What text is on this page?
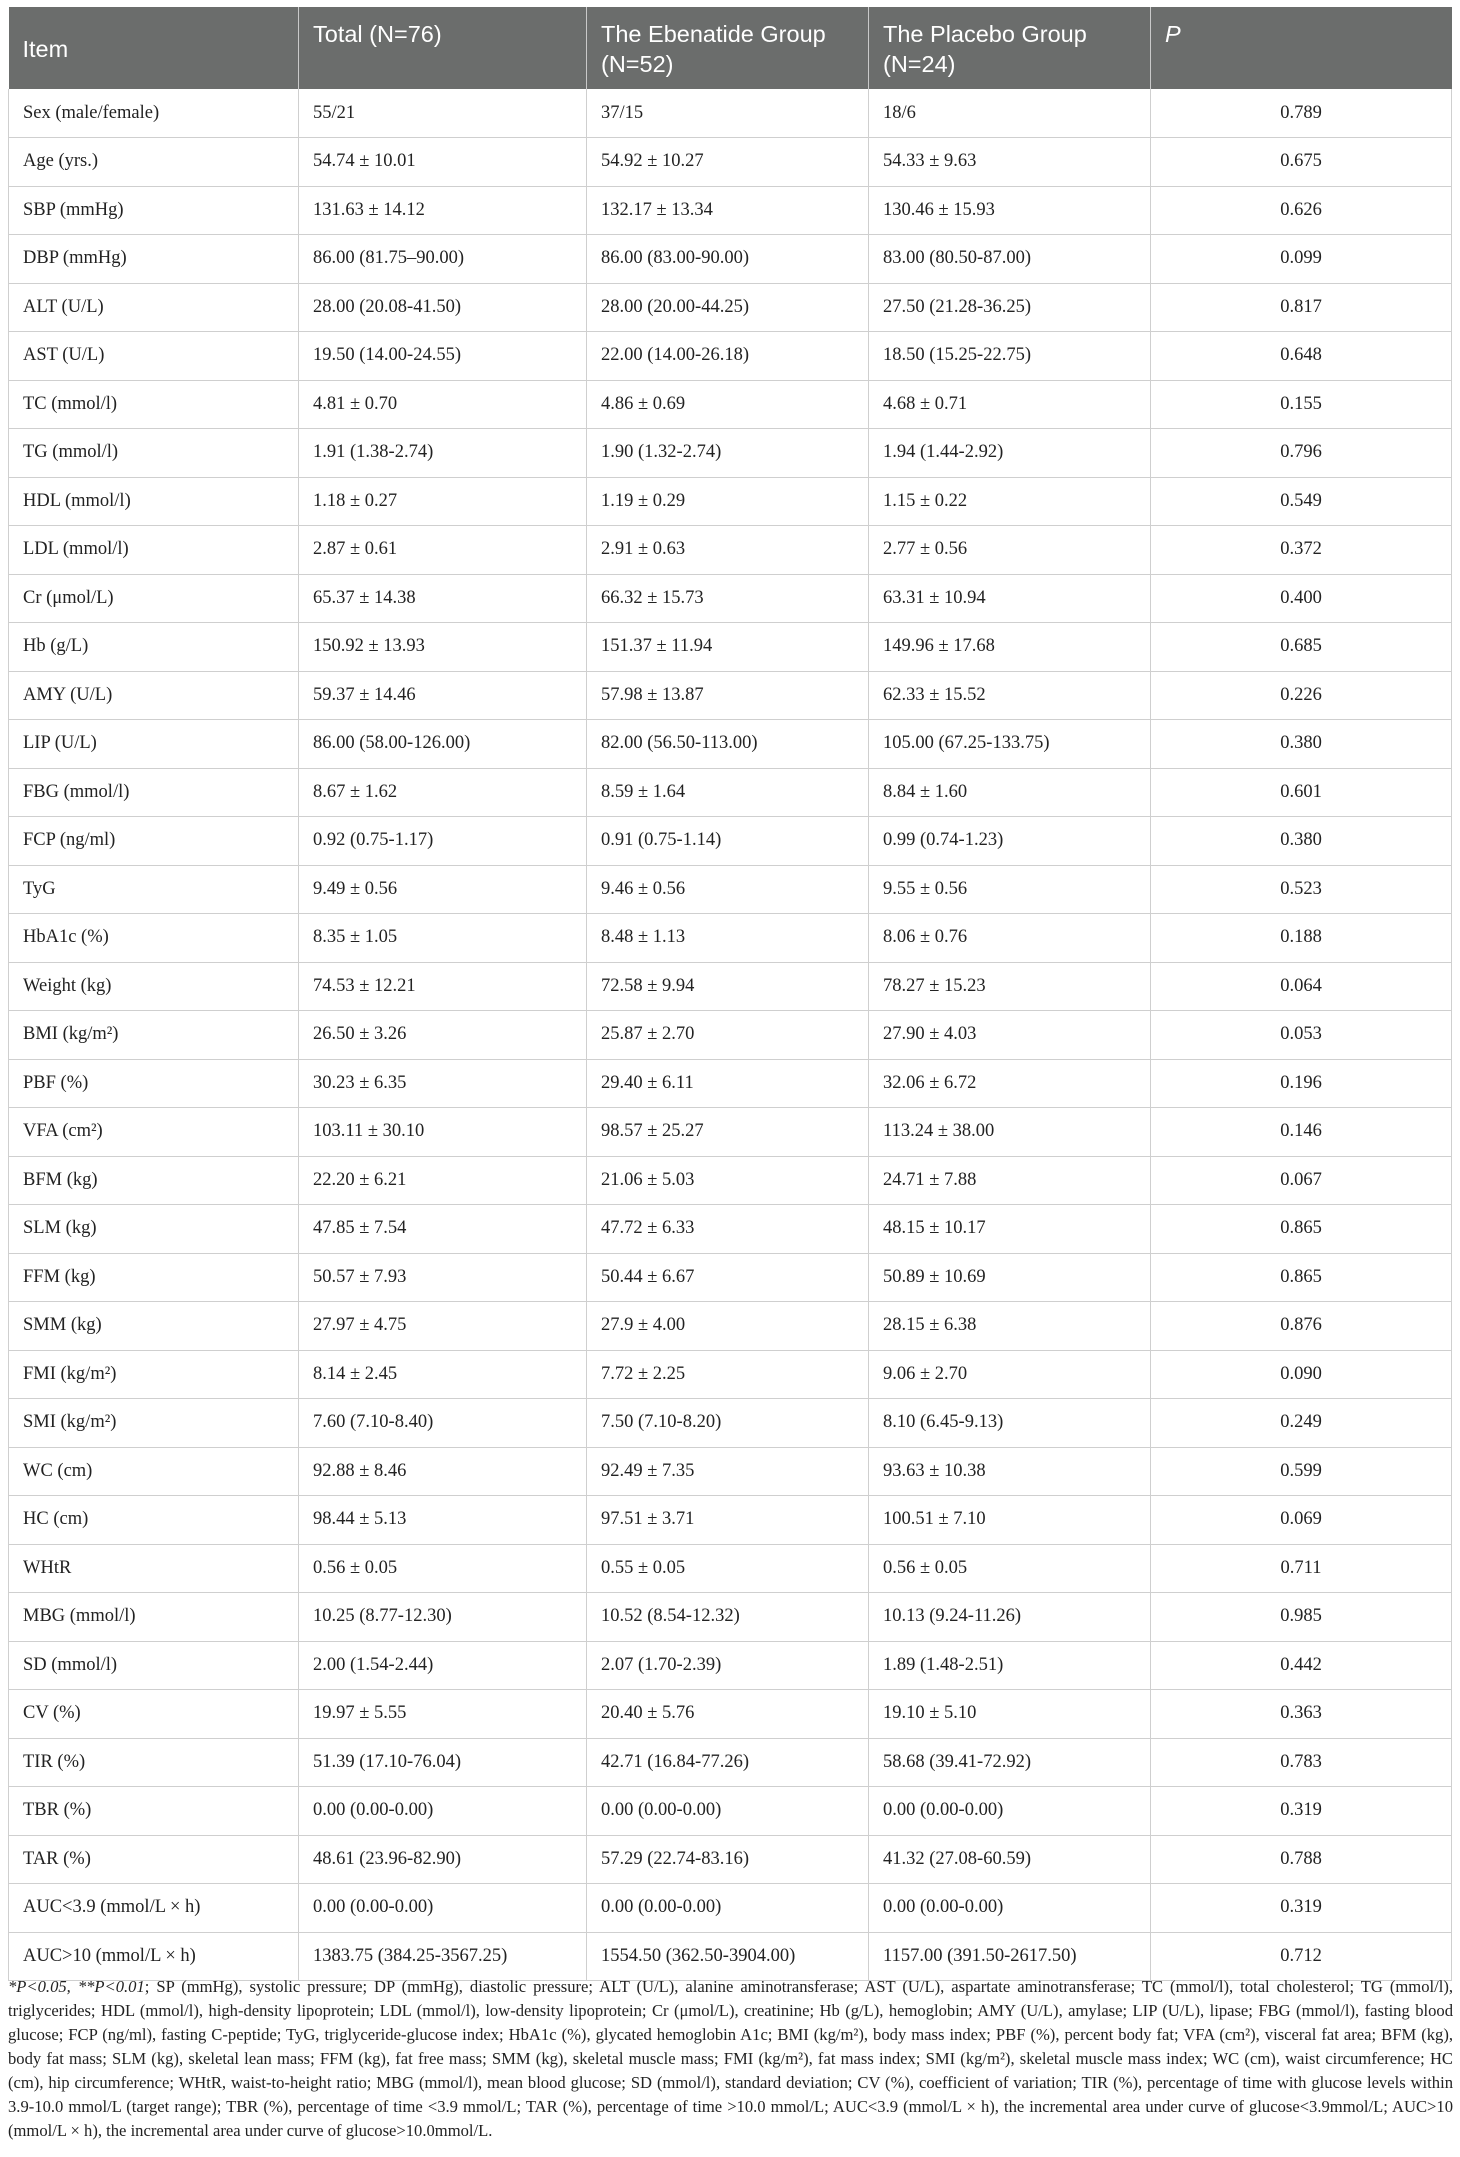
Item	Total (N=76)	The Ebenatide Group (N=52)	The Placebo Group (N=24)	P
Sex (male/female)	55/21	37/15	18/6	0.789
Age (yrs.)	54.74 ± 10.01	54.92 ± 10.27	54.33 ± 9.63	0.675
SBP (mmHg)	131.63 ± 14.12	132.17 ± 13.34	130.46 ± 15.93	0.626
DBP (mmHg)	86.00 (81.75–90.00)	86.00 (83.00-90.00)	83.00 (80.50-87.00)	0.099
ALT (U/L)	28.00 (20.08-41.50)	28.00 (20.00-44.25)	27.50 (21.28-36.25)	0.817
AST (U/L)	19.50 (14.00-24.55)	22.00 (14.00-26.18)	18.50 (15.25-22.75)	0.648
TC (mmol/l)	4.81 ± 0.70	4.86 ± 0.69	4.68 ± 0.71	0.155
TG (mmol/l)	1.91 (1.38-2.74)	1.90 (1.32-2.74)	1.94 (1.44-2.92)	0.796
HDL (mmol/l)	1.18 ± 0.27	1.19 ± 0.29	1.15 ± 0.22	0.549
LDL (mmol/l)	2.87 ± 0.61	2.91 ± 0.63	2.77 ± 0.56	0.372
Cr (μmol/L)	65.37 ± 14.38	66.32 ± 15.73	63.31 ± 10.94	0.400
Hb (g/L)	150.92 ± 13.93	151.37 ± 11.94	149.96 ± 17.68	0.685
AMY (U/L)	59.37 ± 14.46	57.98 ± 13.87	62.33 ± 15.52	0.226
LIP (U/L)	86.00 (58.00-126.00)	82.00 (56.50-113.00)	105.00 (67.25-133.75)	0.380
FBG (mmol/l)	8.67 ± 1.62	8.59 ± 1.64	8.84 ± 1.60	0.601
FCP (ng/ml)	0.92 (0.75-1.17)	0.91 (0.75-1.14)	0.99 (0.74-1.23)	0.380
TyG	9.49 ± 0.56	9.46 ± 0.56	9.55 ± 0.56	0.523
HbA1c (%)	8.35 ± 1.05	8.48 ± 1.13	8.06 ± 0.76	0.188
Weight (kg)	74.53 ± 12.21	72.58 ± 9.94	78.27 ± 15.23	0.064
BMI (kg/m²)	26.50 ± 3.26	25.87 ± 2.70	27.90 ± 4.03	0.053
PBF (%)	30.23 ± 6.35	29.40 ± 6.11	32.06 ± 6.72	0.196
VFA (cm²)	103.11 ± 30.10	98.57 ± 25.27	113.24 ± 38.00	0.146
BFM (kg)	22.20 ± 6.21	21.06 ± 5.03	24.71 ± 7.88	0.067
SLM (kg)	47.85 ± 7.54	47.72 ± 6.33	48.15 ± 10.17	0.865
FFM (kg)	50.57 ± 7.93	50.44 ± 6.67	50.89 ± 10.69	0.865
SMM (kg)	27.97 ± 4.75	27.9 ± 4.00	28.15 ± 6.38	0.876
FMI (kg/m²)	8.14 ± 2.45	7.72 ± 2.25	9.06 ± 2.70	0.090
SMI (kg/m²)	7.60 (7.10-8.40)	7.50 (7.10-8.20)	8.10 (6.45-9.13)	0.249
WC (cm)	92.88 ± 8.46	92.49 ± 7.35	93.63 ± 10.38	0.599
HC (cm)	98.44 ± 5.13	97.51 ± 3.71	100.51 ± 7.10	0.069
WHtR	0.56 ± 0.05	0.55 ± 0.05	0.56 ± 0.05	0.711
MBG (mmol/l)	10.25 (8.77-12.30)	10.52 (8.54-12.32)	10.13 (9.24-11.26)	0.985
SD (mmol/l)	2.00 (1.54-2.44)	2.07 (1.70-2.39)	1.89 (1.48-2.51)	0.442
CV (%)	19.97 ± 5.55	20.40 ± 5.76	19.10 ± 5.10	0.363
TIR (%)	51.39 (17.10-76.04)	42.71 (16.84-77.26)	58.68 (39.41-72.92)	0.783
TBR (%)	0.00 (0.00-0.00)	0.00 (0.00-0.00)	0.00 (0.00-0.00)	0.319
TAR (%)	48.61 (23.96-82.90)	57.29 (22.74-83.16)	41.32 (27.08-60.59)	0.788
AUC<3.9 (mmol/L × h)	0.00 (0.00-0.00)	0.00 (0.00-0.00)	0.00 (0.00-0.00)	0.319
AUC>10 (mmol/L × h)	1383.75 (384.25-3567.25)	1554.50 (362.50-3904.00)	1157.00 (391.50-2617.50)	0.712
*P<0.05, **P<0.01; SP (mmHg), systolic pressure; DP (mmHg), diastolic pressure; ALT (U/L), alanine aminotransferase; AST (U/L), aspartate aminotransferase; TC (mmol/l), total cholesterol; TG (mmol/l), triglycerides; HDL (mmol/l), high-density lipoprotein; LDL (mmol/l), low-density lipoprotein; Cr (μmol/L), creatinine; Hb (g/L), hemoglobin; AMY (U/L), amylase; LIP (U/L), lipase; FBG (mmol/l), fasting blood glucose; FCP (ng/ml), fasting C-peptide; TyG, triglyceride-glucose index; HbA1c (%), glycated hemoglobin A1c; BMI (kg/m²), body mass index; PBF (%), percent body fat; VFA (cm²), visceral fat area; BFM (kg), body fat mass; SLM (kg), skeletal lean mass; FFM (kg), fat free mass; SMM (kg), skeletal muscle mass; FMI (kg/m²), fat mass index; SMI (kg/m²), skeletal muscle mass index; WC (cm), waist circumference; HC (cm), hip circumference; WHtR, waist-to-height ratio; MBG (mmol/l), mean blood glucose; SD (mmol/l), standard deviation; CV (%), coefficient of variation; TIR (%), percentage of time with glucose levels within 3.9-10.0 mmol/L (target range); TBR (%), percentage of time <3.9 mmol/L; TAR (%), percentage of time >10.0 mmol/L; AUC<3.9 (mmol/L × h), the incremental area under curve of glucose<3.9mmol/L; AUC>10 (mmol/L × h), the incremental area under curve of glucose>10.0mmol/L.
